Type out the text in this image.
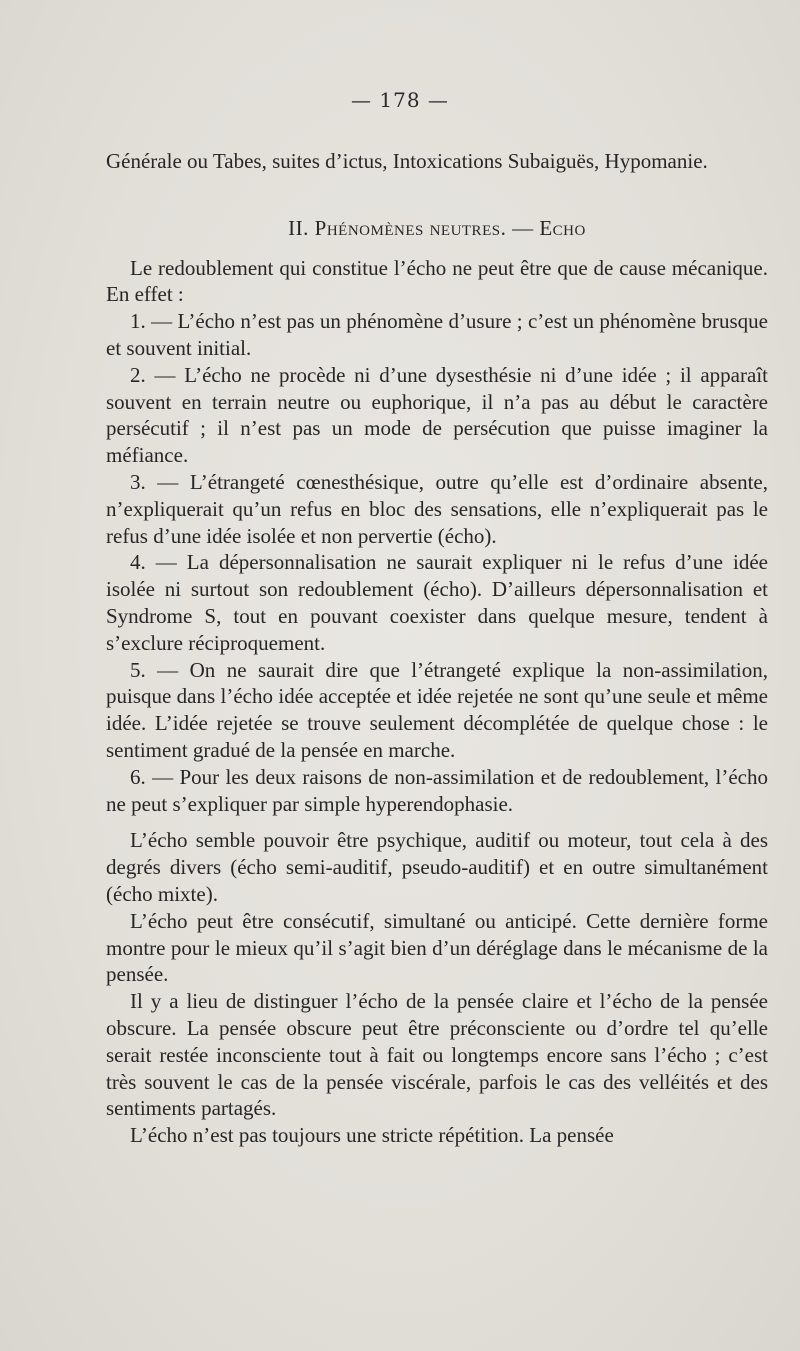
— 178 —

Générale ou Tabes, suites d’ictus, Intoxications Subaiguës, Hypomanie.

II. Phénomènes neutres. — Echo

Le redoublement qui constitue l’écho ne peut être que de cause mécanique. En effet :

1. — L’écho n’est pas un phénomène d’usure ; c’est un phénomène brusque et souvent initial.

2. — L’écho ne procède ni d’une dysesthésie ni d’une idée ; il apparaît souvent en terrain neutre ou euphorique, il n’a pas au début le caractère persécutif ; il n’est pas un mode de persécution que puisse imaginer la méfiance.

3. — L’étrangeté cœnesthésique, outre qu’elle est d’ordinaire absente, n’expliquerait qu’un refus en bloc des sensations, elle n’expliquerait pas le refus d’une idée isolée et non pervertie (écho).

4. — La dépersonnalisation ne saurait expliquer ni le refus d’une idée isolée ni surtout son redoublement (écho). D’ailleurs dépersonnalisation et Syndrome S, tout en pouvant coexister dans quelque mesure, tendent à s’exclure réciproquement.

5. — On ne saurait dire que l’étrangeté explique la non-assimilation, puisque dans l’écho idée acceptée et idée rejetée ne sont qu’une seule et même idée. L’idée rejetée se trouve seulement décomplétée de quelque chose : le sentiment gradué de la pensée en marche.

6. — Pour les deux raisons de non-assimilation et de redoublement, l’écho ne peut s’expliquer par simple hyperendophasie.

L’écho semble pouvoir être psychique, auditif ou moteur, tout cela à des degrés divers (écho semi-auditif, pseudo-auditif) et en outre simultanément (écho mixte).

L’écho peut être consécutif, simultané ou anticipé. Cette dernière forme montre pour le mieux qu’il s’agit bien d’un déréglage dans le mécanisme de la pensée.

Il y a lieu de distinguer l’écho de la pensée claire et l’écho de la pensée obscure. La pensée obscure peut être préconsciente ou d’ordre tel qu’elle serait restée inconsciente tout à fait ou longtemps encore sans l’écho ; c’est très souvent le cas de la pensée viscérale, parfois le cas des velléités et des sentiments partagés.

L’écho n’est pas toujours une stricte répétition. La pensée
